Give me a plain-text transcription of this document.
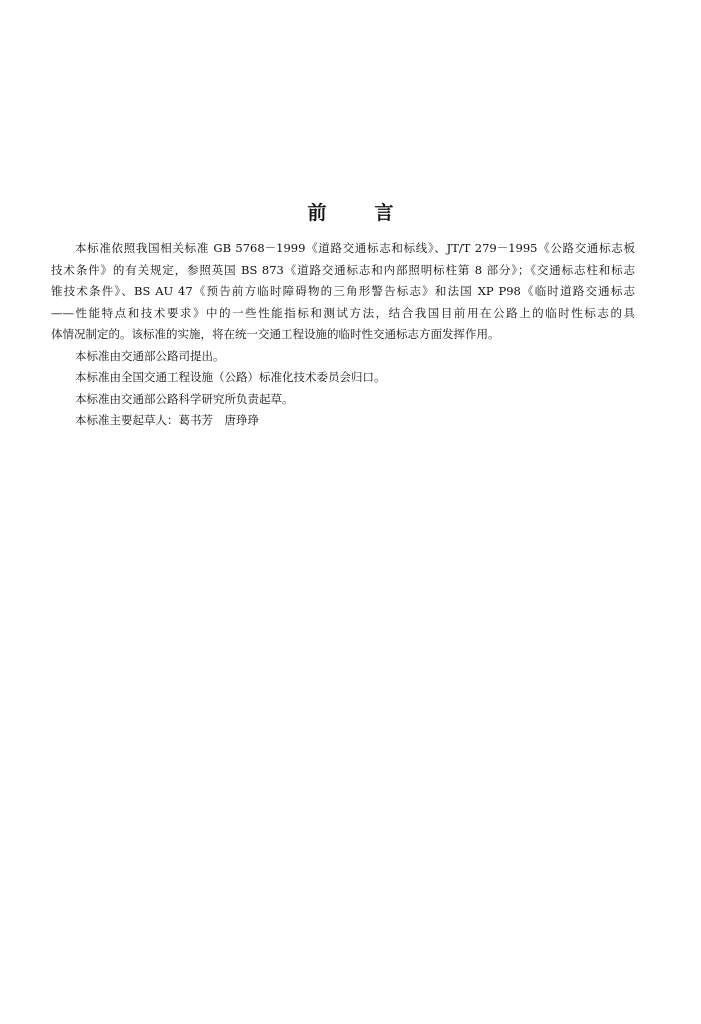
前	言
本标准依照我国相关标准 GB 5768－1999《道路交通标志和标线》、JT/T 279－1995《公路交通标志板
技术条件》的有关规定，参照英国 BS 873《道路交通标志和内部照明标柱第 8 部分》；《交通标志柱和标志
锥技术条件》、BS AU 47《预告前方临时障碍物的三角形警告标志》和法国 XP P98《临时道路交通标志
——性能特点和技术要求》中的一些性能指标和测试方法，结合我国目前用在公路上的临时性标志的具
体情况制定的。该标准的实施，将在统一交通工程设施的临时性交通标志方面发挥作用。
本标准由交通部公路司提出。
本标准由全国交通工程设施（公路）标准化技术委员会归口。
本标准由交通部公路科学研究所负责起草。
本标准主要起草人：葛书芳　唐琤琤
